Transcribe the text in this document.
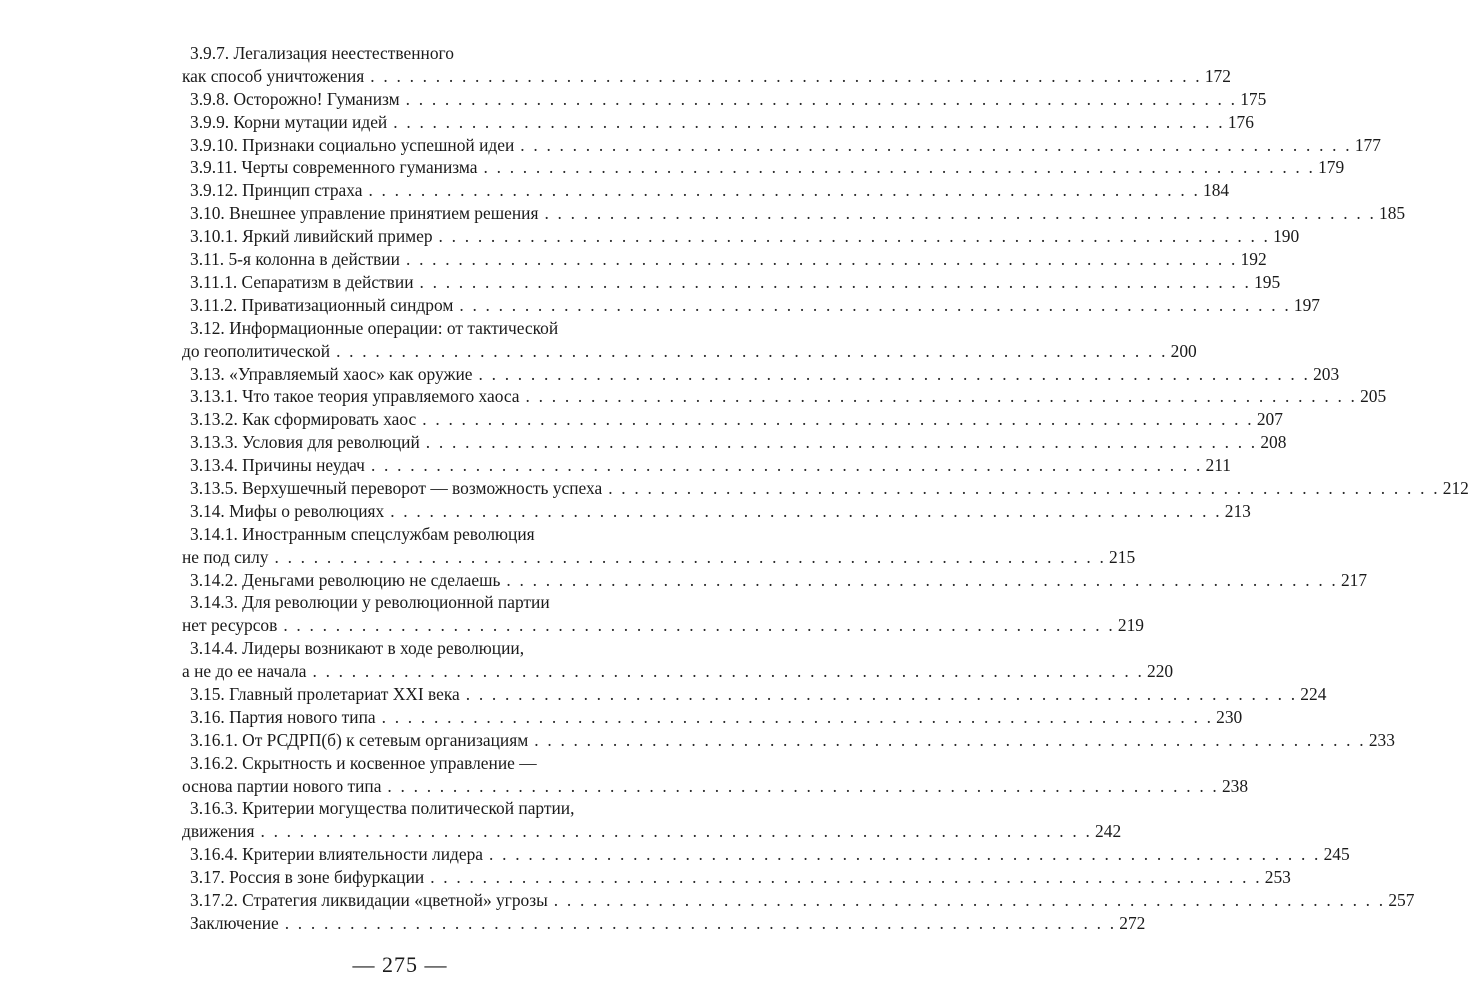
3.9.7. Легализация неестественного
как способ уничтожения . . .	172
3.9.8. Осторожно! Гуманизм . . .	175
3.9.9. Корни мутации идей . . .	176
3.9.10. Признаки социально успешной идеи . . .	177
3.9.11. Черты современного гуманизма . . .	179
3.9.12. Принцип страха . . .	184
3.10. Внешнее управление принятием решения . . .	185
3.10.1. Яркий ливийский пример . . .	190
3.11. 5-я колонна в действии . . .	192
3.11.1. Сепаратизм в действии . . .	195
3.11.2. Приватизационный синдром . . .	197
3.12. Информационные операции: от тактической
до геополитической . . .	200
3.13. «Управляемый хаос» как оружие . . .	203
3.13.1. Что такое теория управляемого хаоса . . .	205
3.13.2. Как сформировать хаос . . .	207
3.13.3. Условия для революций . . .	208
3.13.4. Причины неудач . . .	211
3.13.5. Верхушечный переворот — возможность успеха . . .	212
3.14. Мифы о революциях . . .	213
3.14.1. Иностранным спецслужбам революция
не под силу . . .	215
3.14.2. Деньгами революцию не сделаешь . . .	217
3.14.3. Для революции у революционной партии
нет ресурсов . . .	219
3.14.4. Лидеры возникают в ходе революции,
а не до ее начала . . .	220
3.15. Главный пролетариат XXI века . . .	224
3.16. Партия нового типа . . .	230
3.16.1. От РСДРП(б) к сетевым организациям . . .	233
3.16.2. Скрытность и косвенное управление —
основа партии нового типа . . .	238
3.16.3. Критерии могущества политической партии,
движения . . .	242
3.16.4. Критерии влиятельности лидера . . .	245
3.17. Россия в зоне бифуркации . . .	253
3.17.2. Стратегия ликвидации «цветной» угрозы . . .	257
Заключение . . .	272
— 275 —
